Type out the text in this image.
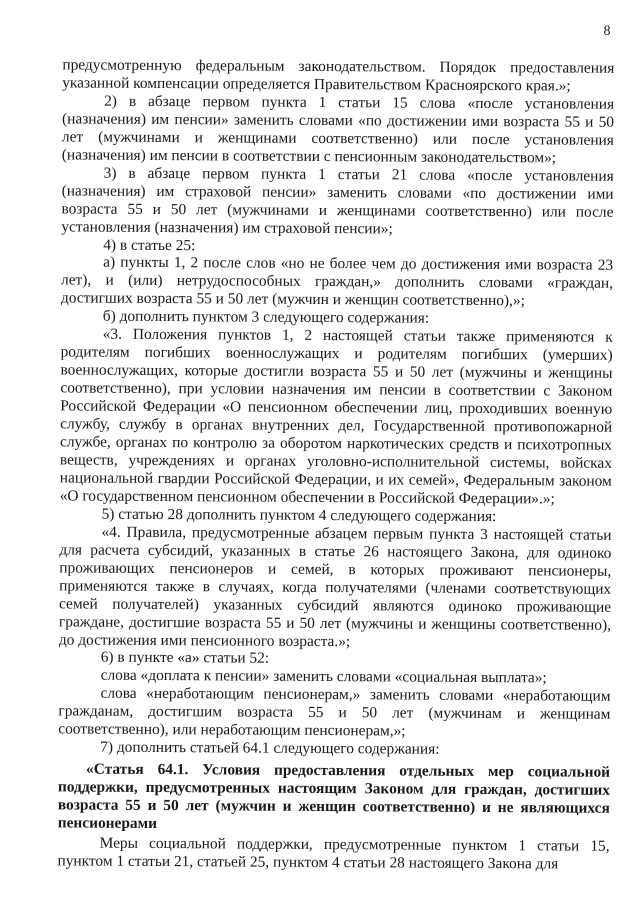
8

предусмотренную федеральным законодательством. Порядок предоставления указанной компенсации определяется Правительством Красноярского края.»;

2) в абзаце первом пункта 1 статьи 15 слова «после установления (назначения) им пенсии» заменить словами «по достижении ими возраста 55 и 50 лет (мужчинами и женщинами соответственно) или после установления (назначения) им пенсии в соответствии с пенсионным законодательством»;

3) в абзаце первом пункта 1 статьи 21 слова «после установления (назначения) им страховой пенсии» заменить словами «по достижении ими возраста 55 и 50 лет (мужчинами и женщинами соответственно) или после установления (назначения) им страховой пенсии»;

4) в статье 25:

а) пункты 1, 2 после слов «но не более чем до достижения ими возраста 23 лет), и (или) нетрудоспособных граждан,» дополнить словами «граждан, достигших возраста 55 и 50 лет (мужчин и женщин соответственно),»;

б) дополнить пунктом 3 следующего содержания:

«3. Положения пунктов 1, 2 настоящей статьи также применяются к родителям погибших военнослужащих и родителям погибших (умерших) военнослужащих, которые достигли возраста 55 и 50 лет (мужчины и женщины соответственно), при условии назначения им пенсии в соответствии с Законом Российской Федерации «О пенсионном обеспечении лиц, проходивших военную службу, службу в органах внутренних дел, Государственной противопожарной службе, органах по контролю за оборотом наркотических средств и психотропных веществ, учреждениях и органах уголовно-исполнительной системы, войсках национальной гвардии Российской Федерации, и их семей», Федеральным законом «О государственном пенсионном обеспечении в Российской Федерации».»;

5) статью 28 дополнить пунктом 4 следующего содержания:

«4. Правила, предусмотренные абзацем первым пункта 3 настоящей статьи для расчета субсидий, указанных в статье 26 настоящего Закона, для одиноко проживающих пенсионеров и семей, в которых проживают пенсионеры, применяются также в случаях, когда получателями (членами соответствующих семей получателей) указанных субсидий являются одиноко проживающие граждане, достигшие возраста 55 и 50 лет (мужчины и женщины соответственно), до достижения ими пенсионного возраста.»;

6) в пункте «а» статьи 52:

слова «доплата к пенсии» заменить словами «социальная выплата»;

слова «неработающим пенсионерам,» заменить словами «неработающим гражданам, достигшим возраста 55 и 50 лет (мужчинам и женщинам соответственно), или неработающим пенсионерам,»;

7) дополнить статьей 64.1 следующего содержания:

«Статья 64.1. Условия предоставления отдельных мер социальной поддержки, предусмотренных настоящим Законом для граждан, достигших возраста 55 и 50 лет (мужчин и женщин соответственно) и не являющихся пенсионерами

Меры социальной поддержки, предусмотренные пунктом 1 статьи 15, пунктом 1 статьи 21, статьей 25, пунктом 4 статьи 28 настоящего Закона для
